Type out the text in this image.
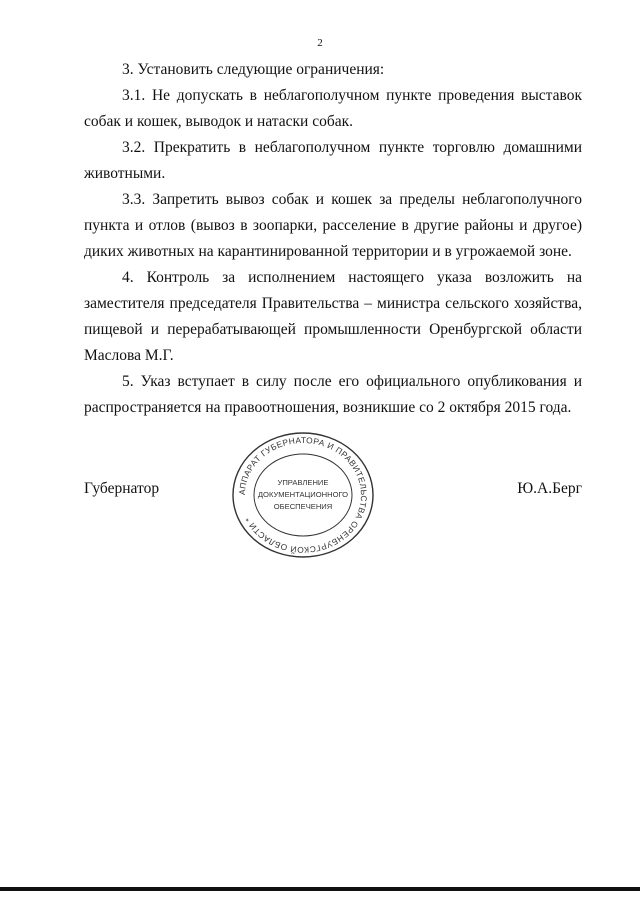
2

3. Установить следующие ограничения:

3.1. Не допускать в неблагополучном пункте проведения выставок собак и кошек, выводок и натаски собак.

3.2. Прекратить в неблагополучном пункте торговлю домашними животными.

3.3. Запретить вывоз собак и кошек за пределы неблагополучного пункта и отлов (вывоз в зоопарки, расселение в другие районы и другое) диких животных на карантинированной территории и в угрожаемой зоне.

4. Контроль за исполнением настоящего указа возложить на заместителя председателя Правительства – министра сельского хозяйства, пищевой и перерабатывающей промышленности Оренбургской области Маслова М.Г.

5. Указ вступает в силу после его официального опубликования и распространяется на правоотношения, возникшие со 2 октября 2015 года.

Губернатор	Ю.А.Берг
АППАРАТ ГУБЕРНАТОРА И ПРАВИТЕЛЬСТВА ОРЕНБУРГСКОЙ ОБЛАСТИ *
УПРАВЛЕНИЕ
ДОКУМЕНТАЦИОННОГО
ОБЕСПЕЧЕНИЯ
